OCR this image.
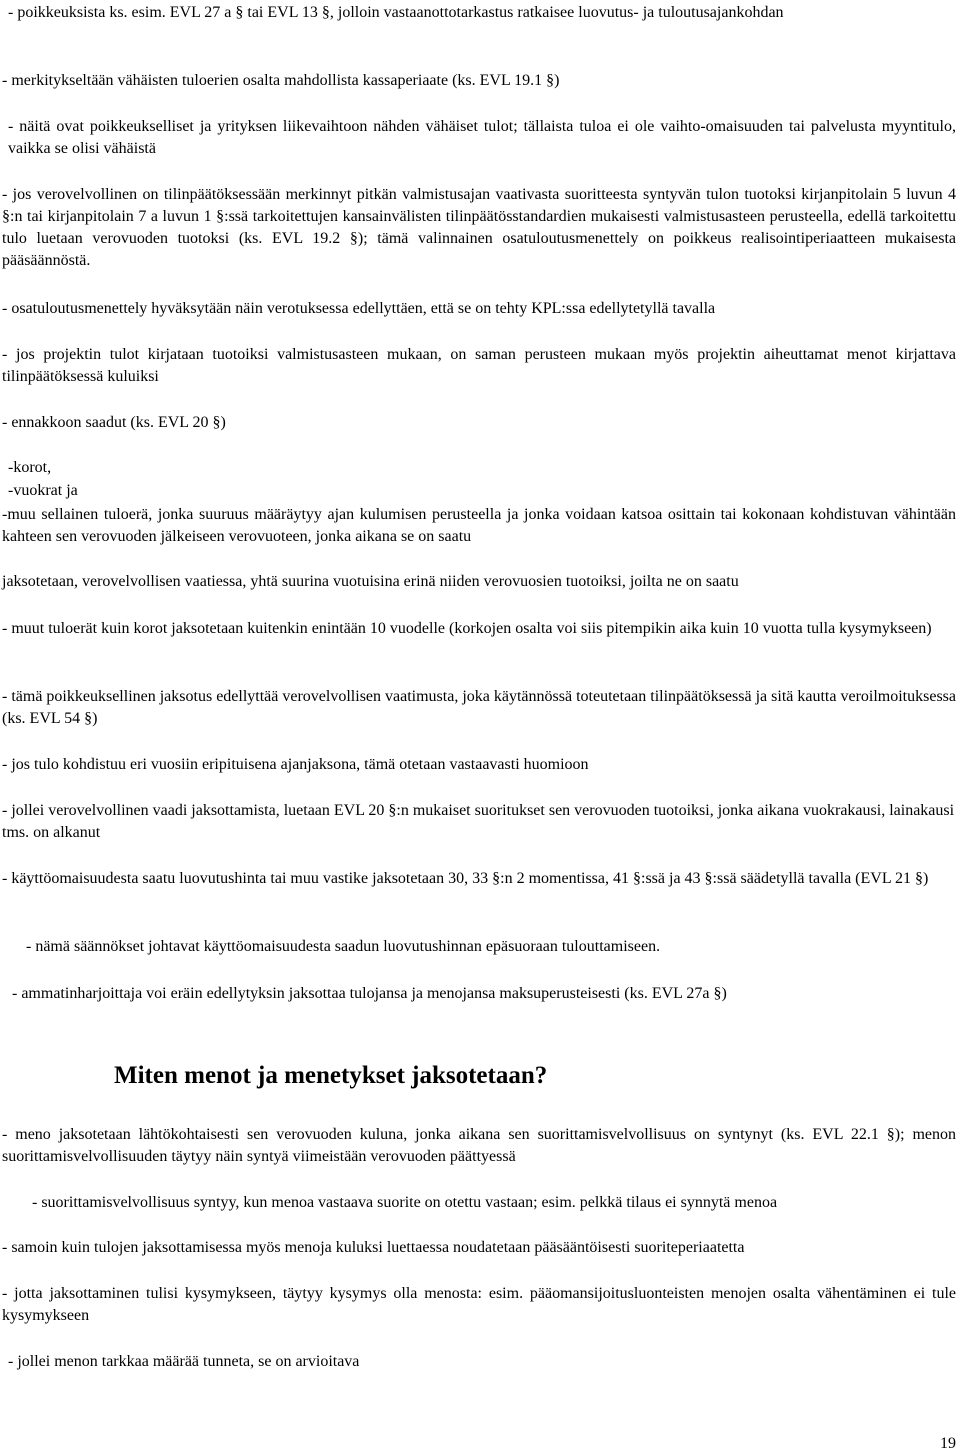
- poikkeuksista ks. esim. EVL 27 a § tai EVL 13 §, jolloin vastaanottotarkastus ratkaisee luovutus- ja tuloutusajankohdan

- merkitykseltään vähäisten tuloerien osalta mahdollista kassaperiaate (ks. EVL 19.1 §)

- näitä ovat poikkeukselliset ja yrityksen liikevaihtoon nähden vähäiset tulot; tällaista tuloa ei ole vaihto-omaisuuden tai palvelusta myyntitulo, vaikka se olisi vähäistä

- jos verovelvollinen on tilinpäätöksessään merkinnyt pitkän valmistusajan vaativasta suoritteesta syntyvän tulon tuotoksi kirjanpitolain 5 luvun 4 §:n tai kirjanpitolain 7 a luvun 1 §:ssä tarkoitettujen kansainvälisten tilinpäätösstandardien mukaisesti valmistusasteen perusteella, edellä tarkoitettu tulo luetaan verovuoden tuotoksi (ks. EVL 19.2 §); tämä valinnainen osatuloutusmenettely on poikkeus realisointiperiaatteen mukaisesta pääsäännöstä.

- osatuloutusmenettely hyväksytään näin verotuksessa edellyttäen, että se on tehty KPL:ssa edellytetyllä tavalla

- jos projektin tulot kirjataan tuotoiksi valmistusasteen mukaan, on saman perusteen mukaan myös projektin aiheuttamat menot kirjattava tilinpäätöksessä kuluiksi

- ennakkoon saadut (ks. EVL 20 §)

-korot,

-vuokrat ja

-muu sellainen tuloerä, jonka suuruus määräytyy ajan kulumisen perusteella ja jonka voidaan katsoa osittain tai kokonaan kohdistuvan vähintään kahteen sen verovuoden jälkeiseen verovuoteen, jonka aikana se on saatu

jaksotetaan, verovelvollisen vaatiessa, yhtä suurina vuotuisina erinä niiden verovuosien tuotoiksi, joilta ne on saatu

- muut tuloerät kuin korot jaksotetaan kuitenkin enintään 10 vuodelle (korkojen osalta voi siis pitempikin aika kuin 10 vuotta tulla kysymykseen)

- tämä poikkeuksellinen jaksotus edellyttää verovelvollisen vaatimusta, joka käytännössä toteutetaan tilinpäätöksessä ja sitä kautta veroilmoituksessa (ks. EVL 54 §)

- jos tulo kohdistuu eri vuosiin eripituisena ajanjaksona, tämä otetaan vastaavasti huomioon

- jollei verovelvollinen vaadi jaksottamista, luetaan EVL 20 §:n mukaiset suoritukset sen verovuoden tuotoiksi, jonka aikana vuokrakausi, lainakausi tms. on alkanut

- käyttöomaisuudesta saatu luovutushinta tai muu vastike jaksotetaan 30, 33 §:n 2 momentissa, 41 §:ssä ja 43 §:ssä säädetyllä tavalla (EVL 21 §)

- nämä säännökset johtavat käyttöomaisuudesta saadun luovutushinnan epäsuoraan tulouttamiseen.

- ammatinharjoittaja voi eräin edellytyksin jaksottaa tulojansa ja menojansa maksuperusteisesti (ks. EVL 27a §)

Miten menot ja menetykset jaksotetaan?

- meno jaksotetaan lähtökohtaisesti sen verovuoden kuluna, jonka aikana sen suorittamisvelvollisuus on syntynyt (ks. EVL 22.1 §); menon suorittamisvelvollisuuden täytyy näin syntyä viimeistään verovuoden päättyessä

- suorittamisvelvollisuus syntyy, kun menoa vastaava suorite on otettu vastaan; esim. pelkkä tilaus ei synnytä menoa

- samoin kuin tulojen jaksottamisessa myös menoja kuluksi luettaessa noudatetaan pääsääntöisesti suoriteperiaatetta

- jotta jaksottaminen tulisi kysymykseen, täytyy kysymys olla menosta: esim. pääomansijoitusluonteisten menojen osalta vähentäminen ei tule kysymykseen

- jollei menon tarkkaa määrää tunneta, se on arvioitava

19
